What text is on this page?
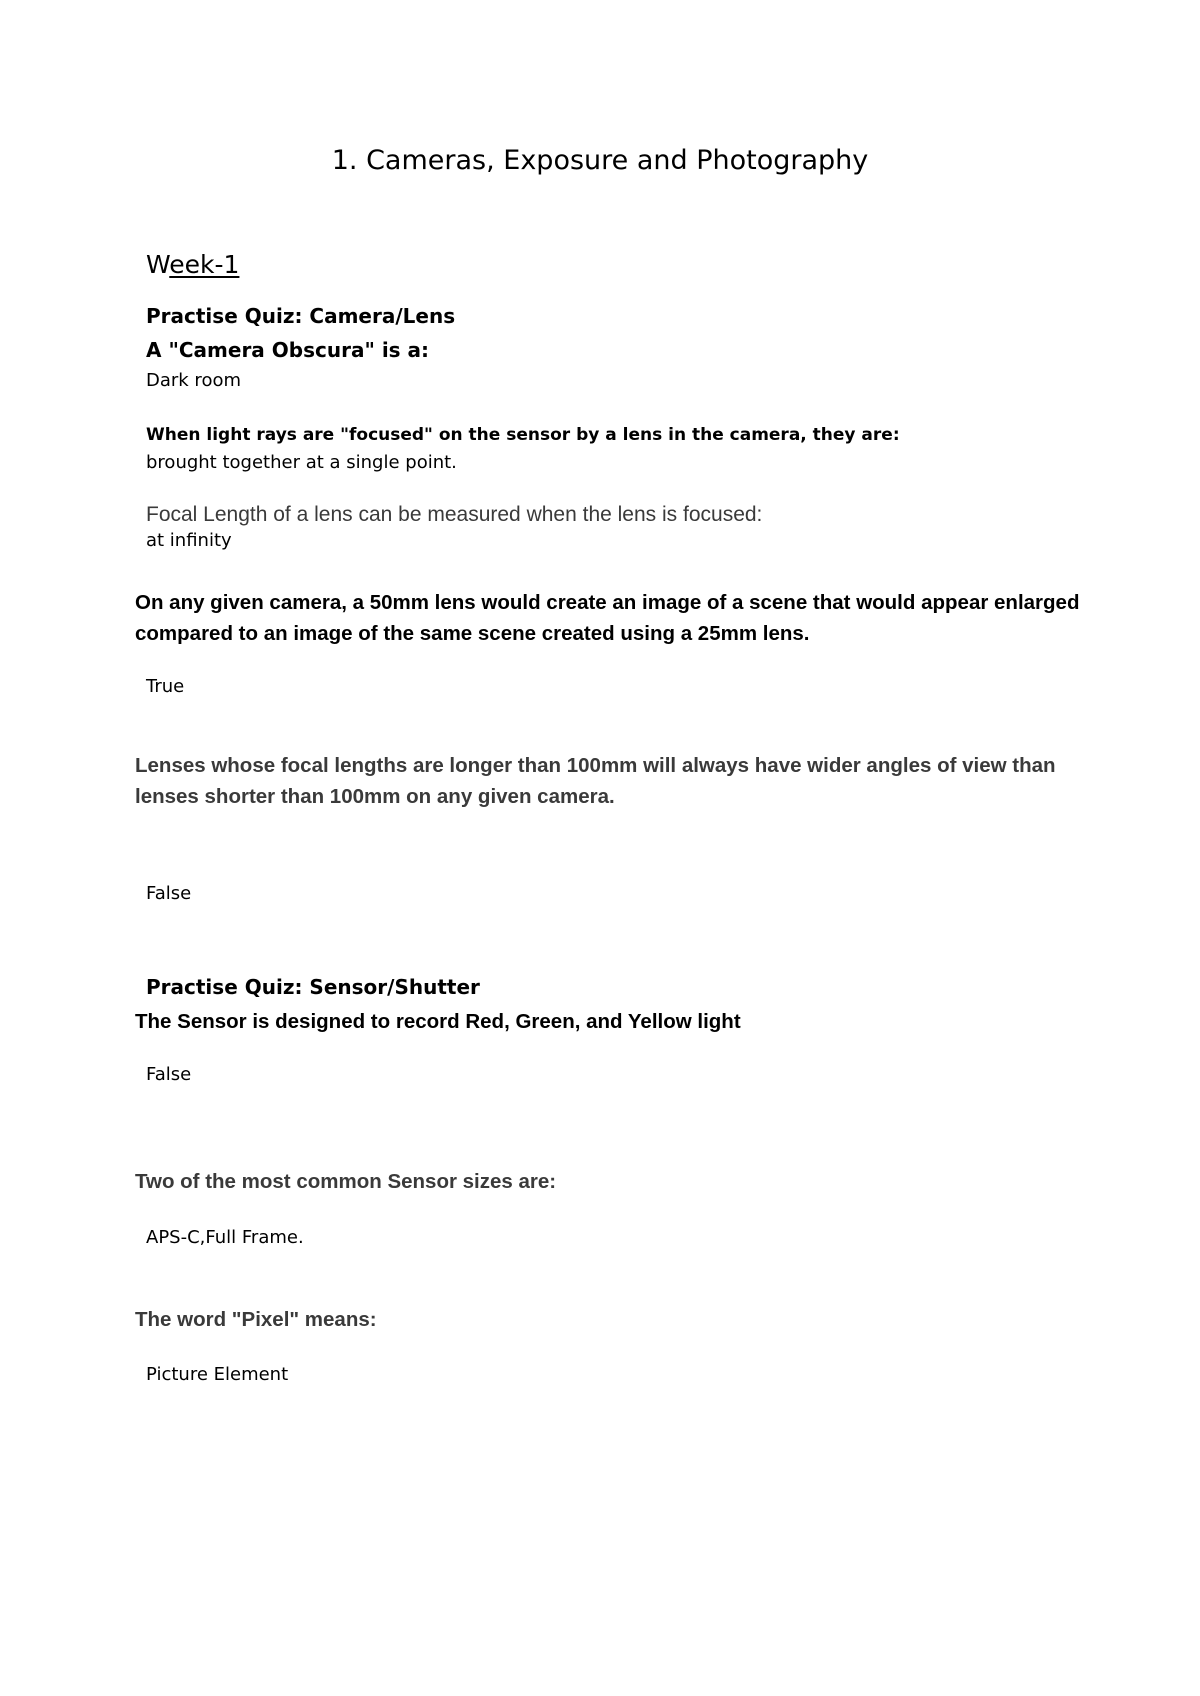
1. Cameras, Exposure and Photography
Week-1
Practise Quiz: Camera/Lens
A "Camera Obscura" is a:
Dark room
When light rays are "focused" on the sensor by a lens in the camera, they are:
brought together at a single point.
Focal Length of a lens can be measured when the lens is focused:
at infinity
On any given camera, a 50mm lens would create an image of a scene that would appear enlarged compared to an image of the same scene created using a 25mm lens.
True
Lenses whose focal lengths are longer than 100mm will always have wider angles of view than lenses shorter than 100mm on any given camera.
False
Practise Quiz: Sensor/Shutter
The Sensor is designed to record Red, Green, and Yellow light
False
Two of the most common Sensor sizes are:
APS-C,Full Frame.
The word "Pixel" means:
Picture Element
